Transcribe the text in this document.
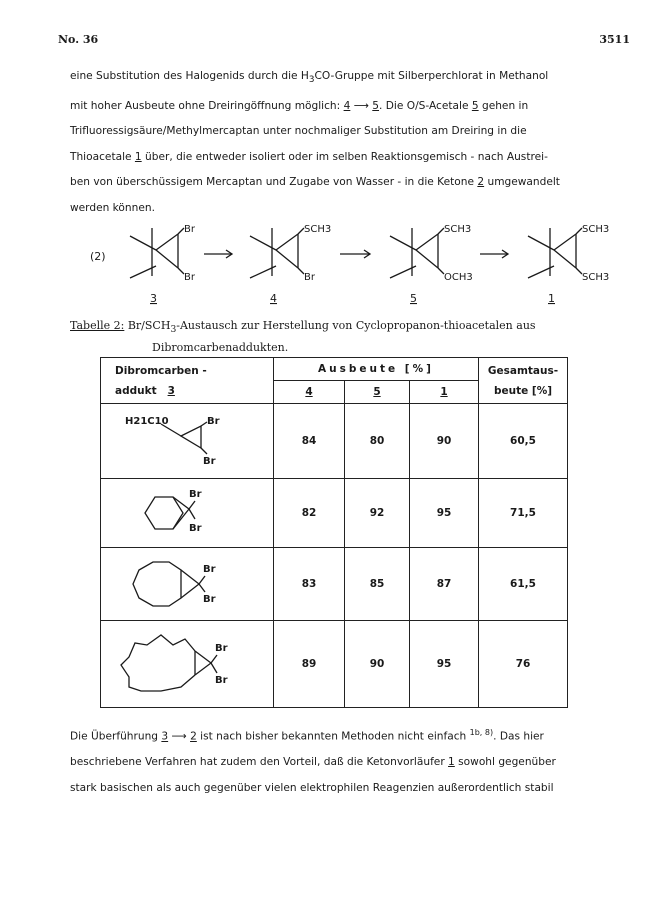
No. 36	3511
eine Substitution des Halogenids durch die $H_3CO$-Gruppe mit Silberperchlorat in Methanol
mit hoher Ausbeute ohne Dreiringöffnung möglich: 4 ⟶ 5. Die O/S-Acetale 5 gehen in
Trifluoressigsäure/Methylmercaptan unter nochmaliger Substitution am Dreiring in die
Thioacetale 1 über, die entweder isoliert oder im selben Reaktionsgemisch - nach Austrei-
ben von überschüssigem Mercaptan und Zugabe von Wasser - in die Ketone 2 umgewandelt
werden können.
(2)
Br
Br
3
SCH3
Br
4
SCH3
OCH3
5
SCH3
SCH3
1
Tabelle 2: $Br/SCH_3$-Austausch zur Herstellung von Cyclopropanon-thioacetalen aus
Dibromcarbenaddukten.
Dibromcarben -
addukt 3	Ausbeute [%]			Gesamtaus-
beute [%]
	4	5	1	

H21C10 Br
Br	84	80	90	60,5

Br
Br	82	92	95	71,5

Br
Br	83	85	87	61,5

Br
Br	89	90	95	76
Die Überführung 3 ⟶ 2 ist nach bisher bekannten Methoden nicht einfach $^{1b, 8)}$. Das hier
beschriebene Verfahren hat zudem den Vorteil, daß die Ketonvorläufer 1 sowohl gegenüber
stark basischen als auch gegenüber vielen elektrophilen Reagenzien außerordentlich stabil
